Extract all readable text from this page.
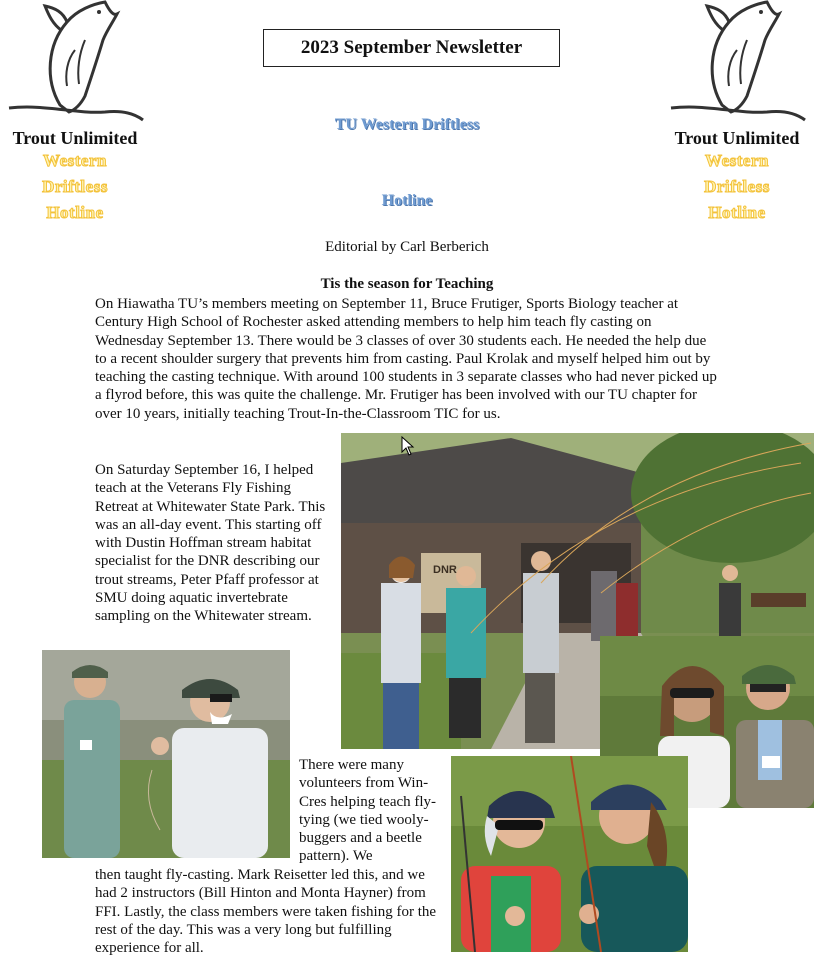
Trout Unlimited
Western
Driftless
Hotline
Trout Unlimited
Western
Driftless
Hotline
2023 September Newsletter
TU Western Driftless
Hotline
Editorial by Carl Berberich
Tis the season for Teaching
On Hiawatha TU’s members meeting on September 11, Bruce Frutiger, Sports Biology teacher at Century High School of Rochester asked attending members to help him teach fly casting on Wednesday September 13. There would be 3 classes of over 30 students each. He needed the help due to a recent shoulder surgery that prevents him from casting. Paul Krolak and myself helped him out by teaching the casting technique. With around 100 students in 3 separate classes who had never picked up a flyrod before, this was quite the challenge. Mr. Frutiger has been involved with our TU chapter for over 10 years, initially teaching Trout-In-the-Classroom TIC for us.
On Saturday September 16, I helped teach at the Veterans Fly Fishing Retreat at Whitewater State Park. This was an all-day event. This starting off with Dustin Hoffman stream habitat specialist for the DNR describing our trout streams, Peter Pfaff professor at SMU doing aquatic invertebrate sampling on the Whitewater stream.
There were many volunteers from Win-Cres helping teach fly-tying (we tied wooly-buggers and a beetle pattern). We
then taught fly-casting. Mark Reisetter led this, and we had 2 instructors (Bill Hinton and Monta Hayner) from FFI. Lastly, the class members were taken fishing for the rest of the day. This was a very long but fulfilling experience for all.
DNR
